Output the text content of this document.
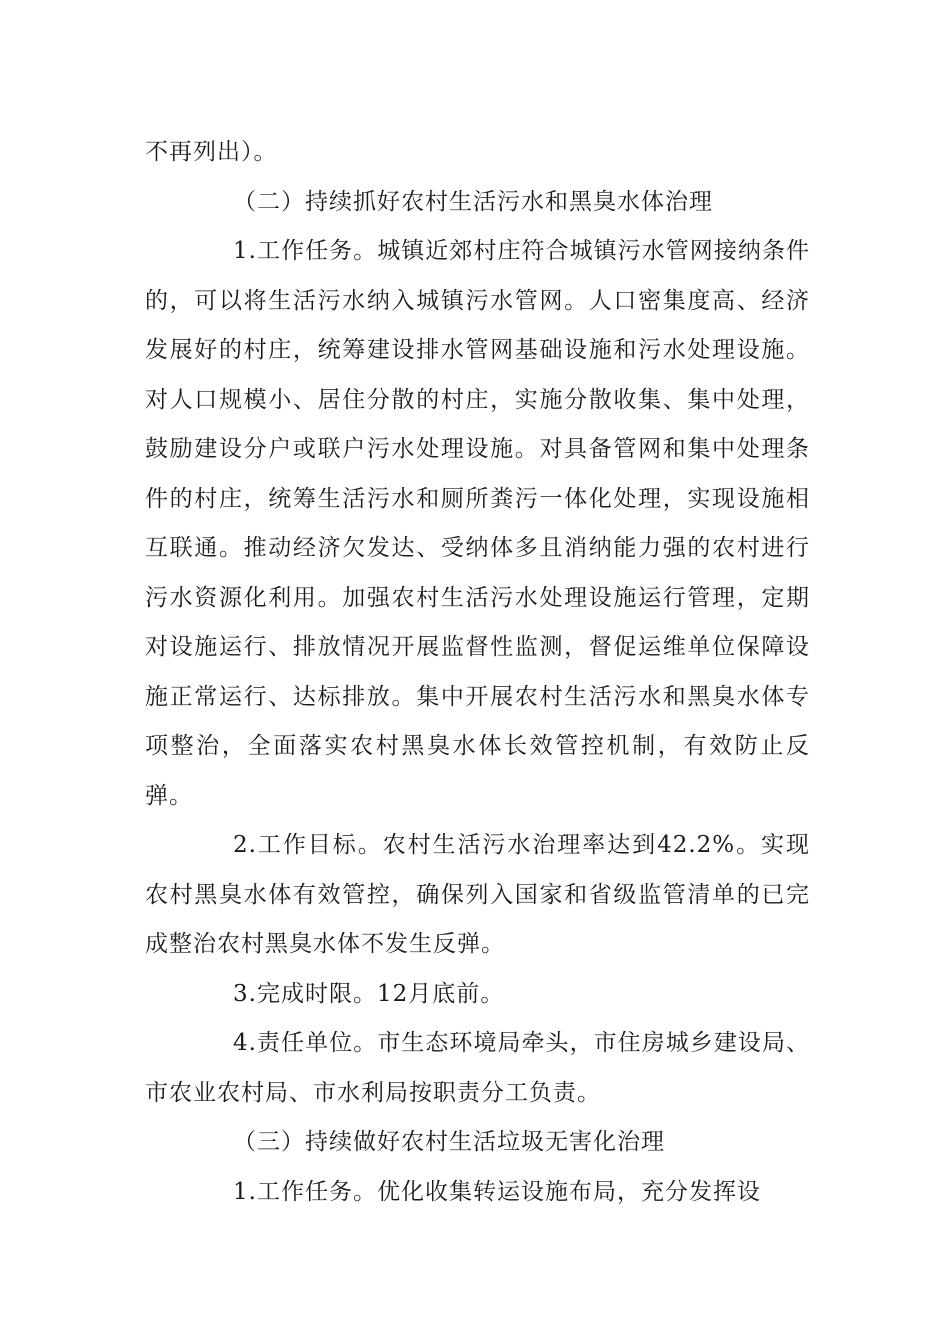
不再列出）。

（二）持续抓好农村生活污水和黑臭水体治理

1.工作任务。城镇近郊村庄符合城镇污水管网接纳条件的，可以将生活污水纳入城镇污水管网。人口密集度高、经济发展好的村庄，统筹建设排水管网基础设施和污水处理设施。对人口规模小、居住分散的村庄，实施分散收集、集中处理，鼓励建设分户或联户污水处理设施。对具备管网和集中处理条件的村庄，统筹生活污水和厕所粪污一体化处理，实现设施相互联通。推动经济欠发达、受纳体多且消纳能力强的农村进行污水资源化利用。加强农村生活污水处理设施运行管理，定期对设施运行、排放情况开展监督性监测，督促运维单位保障设施正常运行、达标排放。集中开展农村生活污水和黑臭水体专项整治，全面落实农村黑臭水体长效管控机制，有效防止反弹。

2.工作目标。农村生活污水治理率达到42.2%。实现农村黑臭水体有效管控，确保列入国家和省级监管清单的已完成整治农村黑臭水体不发生反弹。

3.完成时限。12月底前。

4.责任单位。市生态环境局牵头，市住房城乡建设局、市农业农村局、市水利局按职责分工负责。

（三）持续做好农村生活垃圾无害化治理

1.工作任务。优化收集转运设施布局，充分发挥设
